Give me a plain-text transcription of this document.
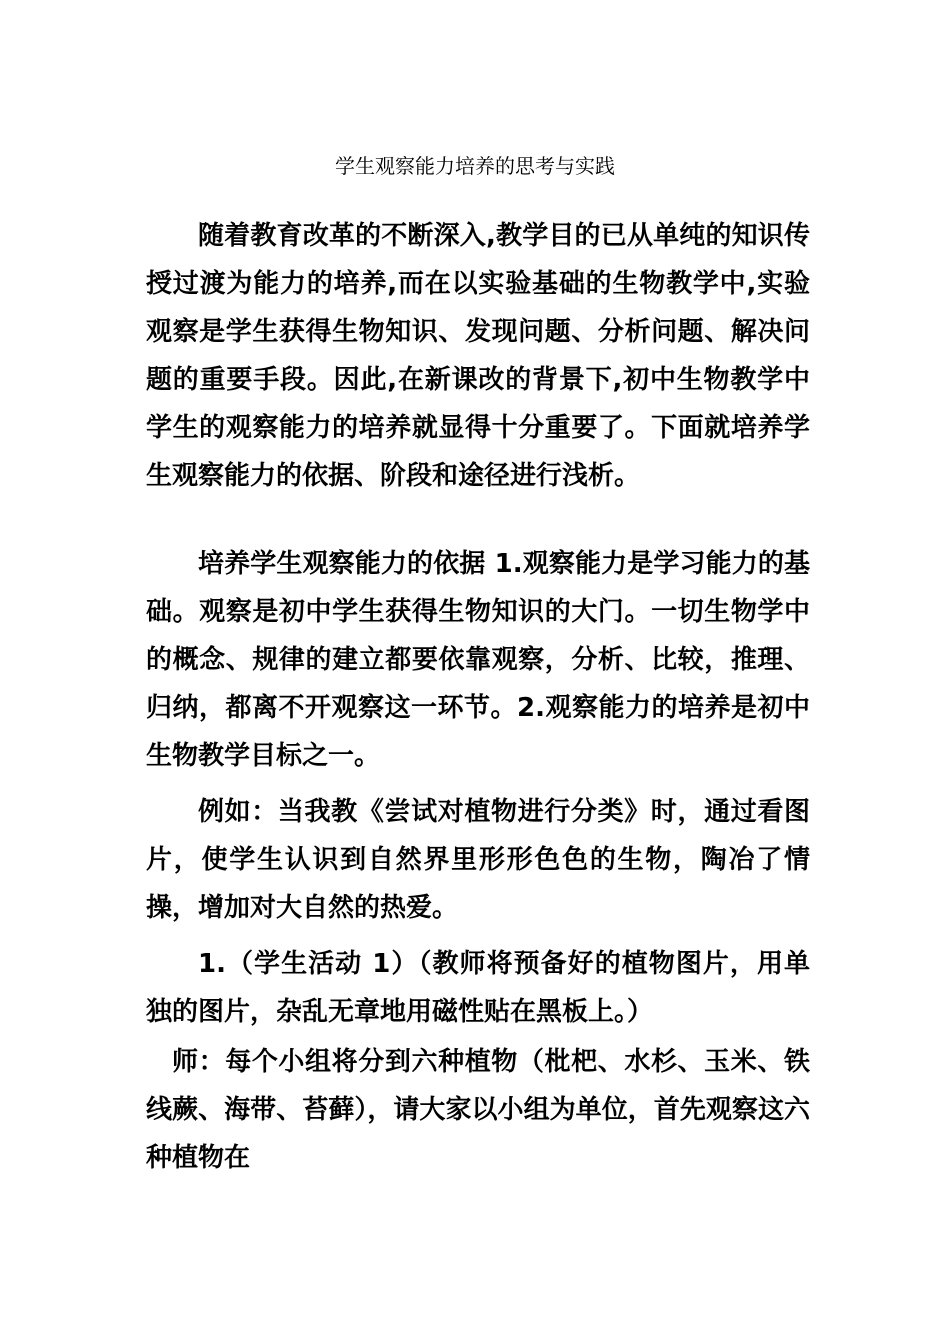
学生观察能力培养的思考与实践

随着教育改革的不断深入,教学目的已从单纯的知识传授过渡为能力的培养,而在以实验基础的生物教学中,实验观察是学生获得生物知识、发现问题、分析问题、解决问题的重要手段。因此,在新课改的背景下,初中生物教学中学生的观察能力的培养就显得十分重要了。下面就培养学生观察能力的依据、阶段和途径进行浅析。

培养学生观察能力的依据 1.观察能力是学习能力的基础。观察是初中学生获得生物知识的大门。一切生物学中的概念、规律的建立都要依靠观察，分析、比较，推理、归纳，都离不开观察这一环节。2.观察能力的培养是初中生物教学目标之一。

例如：当我教《尝试对植物进行分类》时，通过看图片，使学生认识到自然界里形形色色的生物，陶冶了情操，增加对大自然的热爱。

1.（学生活动 1）（教师将预备好的植物图片，用单独的图片，杂乱无章地用磁性贴在黑板上。）

师：每个小组将分到六种植物（枇杷、水杉、玉米、铁线蕨、海带、苔藓），请大家以小组为单位，首先观察这六种植物在
